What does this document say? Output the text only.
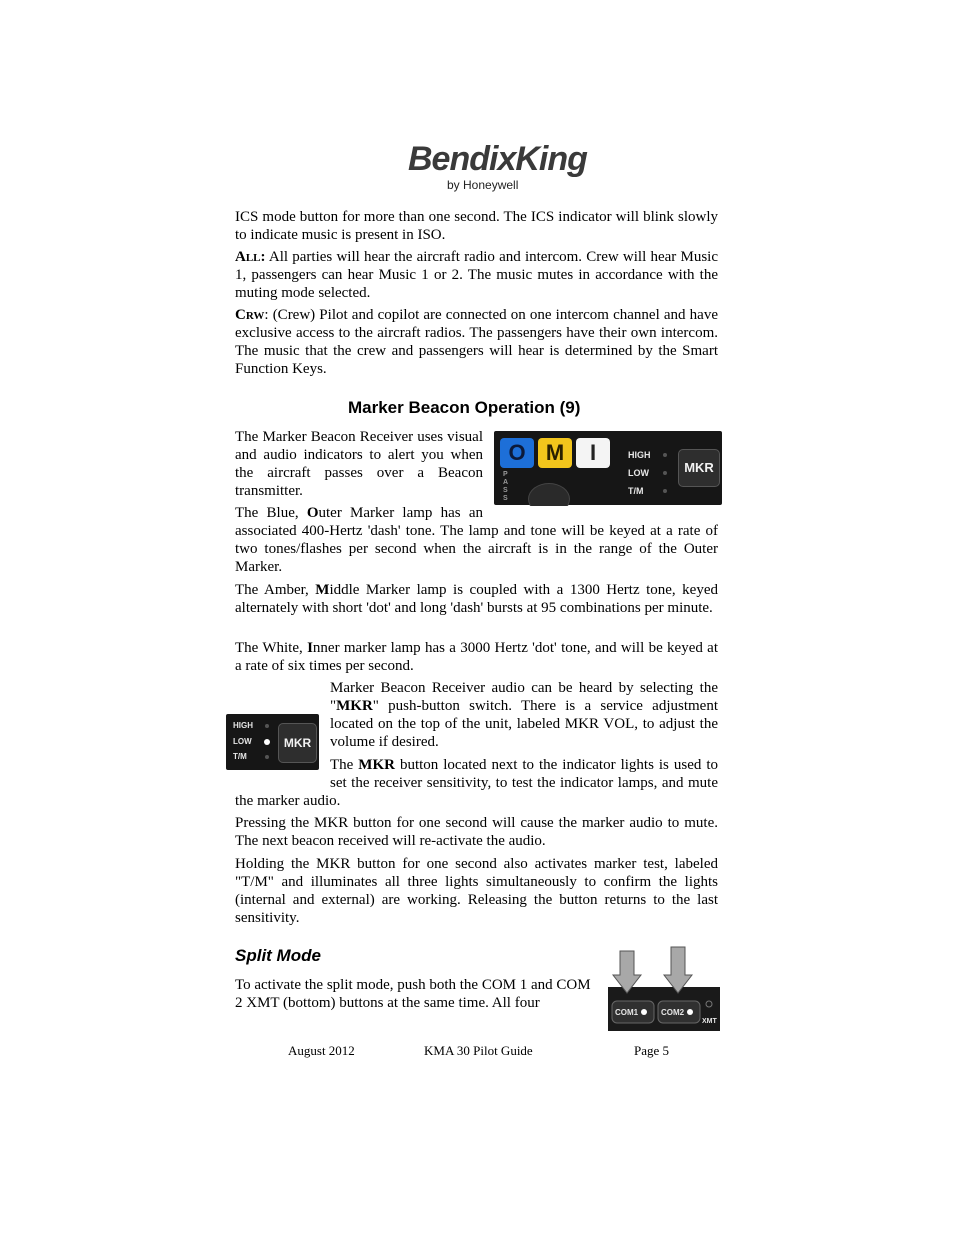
BendixKing
by Honeywell

ICS mode button for more than one second. The ICS indicator will blink slowly to indicate music is present in ISO.

All: All parties will hear the aircraft radio and intercom. Crew will hear Music 1, passengers can hear Music 1 or 2. The music mutes in accordance with the muting mode selected.

Crw: (Crew) Pilot and copilot are connected on one intercom channel and have exclusive access to the aircraft radios. The passengers have their own intercom. The music that the crew and passengers will hear is determined by the Smart Function Keys.

Marker Beacon Operation (9)
O M	I
PASS
HIGH
LOW
T/M
MKR

The Marker Beacon Receiver uses visual and audio indicators to alert you when the aircraft passes over a Beacon transmitter.

The Blue, Outer Marker lamp has an associated 400-Hertz 'dash' tone. The lamp and tone will be keyed at a rate of two tones/flashes per second when the aircraft is in the range of the Outer Marker.

The Amber, Middle Marker lamp is coupled with a 1300 Hertz tone, keyed alternately with short 'dot' and long 'dash' bursts at 95 combinations per minute.

The White, Inner marker lamp has a 3000 Hertz 'dot' tone, and will be keyed at a rate of six times per second.

HIGH
LOW
T/M
MKR

Marker Beacon Receiver audio can be heard by selecting the "MKR" push-button switch. There is a service adjustment located on the top of the unit, labeled MKR VOL, to adjust the volume if desired.

The MKR button located next to the indicator lights is used to set the receiver sensitivity, to test the indicator lamps, and mute the marker audio.

Pressing the MKR button for one second will cause the marker audio to mute. The next beacon received will re-activate the audio.

Holding the MKR button for one second also activates marker test, labeled "T/M" and illuminates all three lights simultaneously to confirm the lights (internal and external) are working. Releasing the button returns to the last sensitivity.

Split Mode

To activate the split mode, push both the COM 1 and COM 2 XMT (bottom) buttons at the same time. All four

COM1	COM2
XMT
August 2012	KMA 30 Pilot Guide	Page 5
